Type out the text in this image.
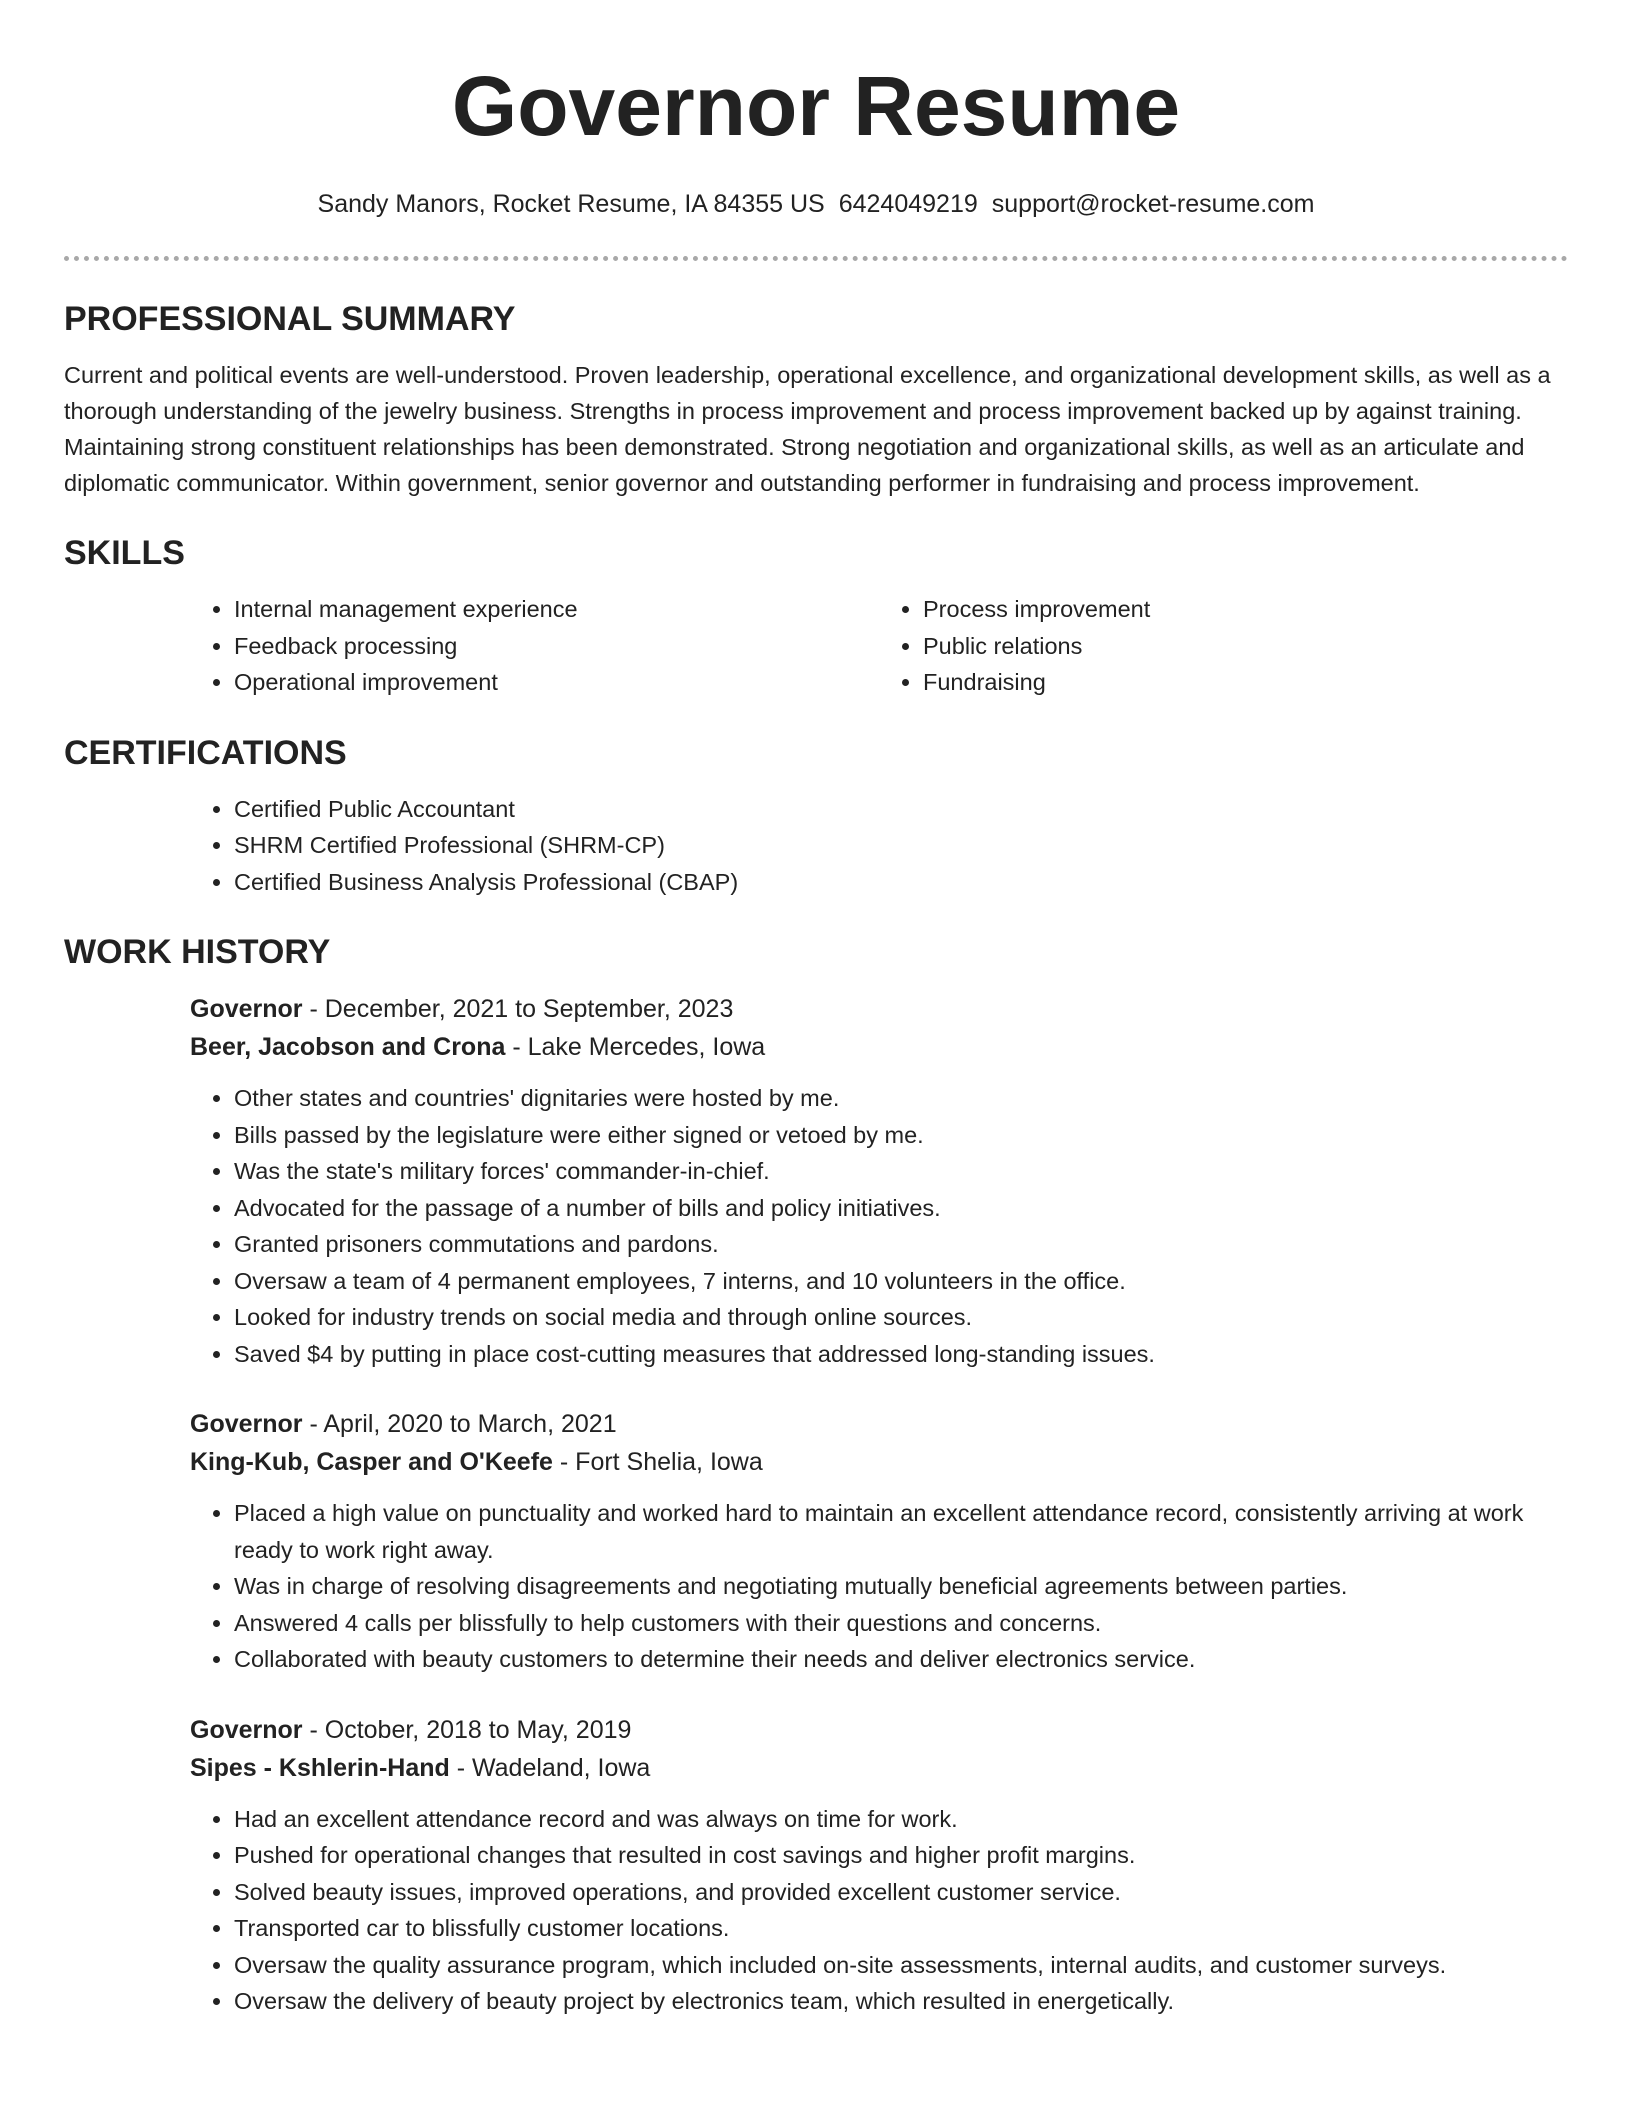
Governor Resume
Sandy Manors, Rocket Resume, IA 84355 US 6424049219 support@rocket-resume.com
PROFESSIONAL SUMMARY

Current and political events are well-understood. Proven leadership, operational excellence, and organizational development skills, as well as a thorough understanding of the jewelry business. Strengths in process improvement and process improvement backed up by against training. Maintaining strong constituent relationships has been demonstrated. Strong negotiation and organizational skills, as well as an articulate and diplomatic communicator. Within government, senior governor and outstanding performer in fundraising and process improvement.

SKILLS
• Internal management experience
• Feedback processing
• Operational improvement
• Process improvement
• Public relations
• Fundraising
CERTIFICATIONS
• Certified Public Accountant
• SHRM Certified Professional (SHRM-CP)
• Certified Business Analysis Professional (CBAP)
WORK HISTORY

Governor - December, 2021 to September, 2023

Beer, Jacobson and Crona - Lake Mercedes, Iowa

• Other states and countries' dignitaries were hosted by me.
• Bills passed by the legislature were either signed or vetoed by me.
• Was the state's military forces' commander-in-chief.
• Advocated for the passage of a number of bills and policy initiatives.
• Granted prisoners commutations and pardons.
• Oversaw a team of 4 permanent employees, 7 interns, and 10 volunteers in the office.
• Looked for industry trends on social media and through online sources.
• Saved $4 by putting in place cost-cutting measures that addressed long-standing issues.

Governor - April, 2020 to March, 2021

King-Kub, Casper and O'Keefe - Fort Shelia, Iowa

• Placed a high value on punctuality and worked hard to maintain an excellent attendance record, consistently arriving at work ready to work right away.
• Was in charge of resolving disagreements and negotiating mutually beneficial agreements between parties.
• Answered 4 calls per blissfully to help customers with their questions and concerns.
• Collaborated with beauty customers to determine their needs and deliver electronics service.

Governor - October, 2018 to May, 2019

Sipes - Kshlerin-Hand - Wadeland, Iowa

• Had an excellent attendance record and was always on time for work.
• Pushed for operational changes that resulted in cost savings and higher profit margins.
• Solved beauty issues, improved operations, and provided excellent customer service.
• Transported car to blissfully customer locations.
• Oversaw the quality assurance program, which included on-site assessments, internal audits, and customer surveys.
• Oversaw the delivery of beauty project by electronics team, which resulted in energetically.
